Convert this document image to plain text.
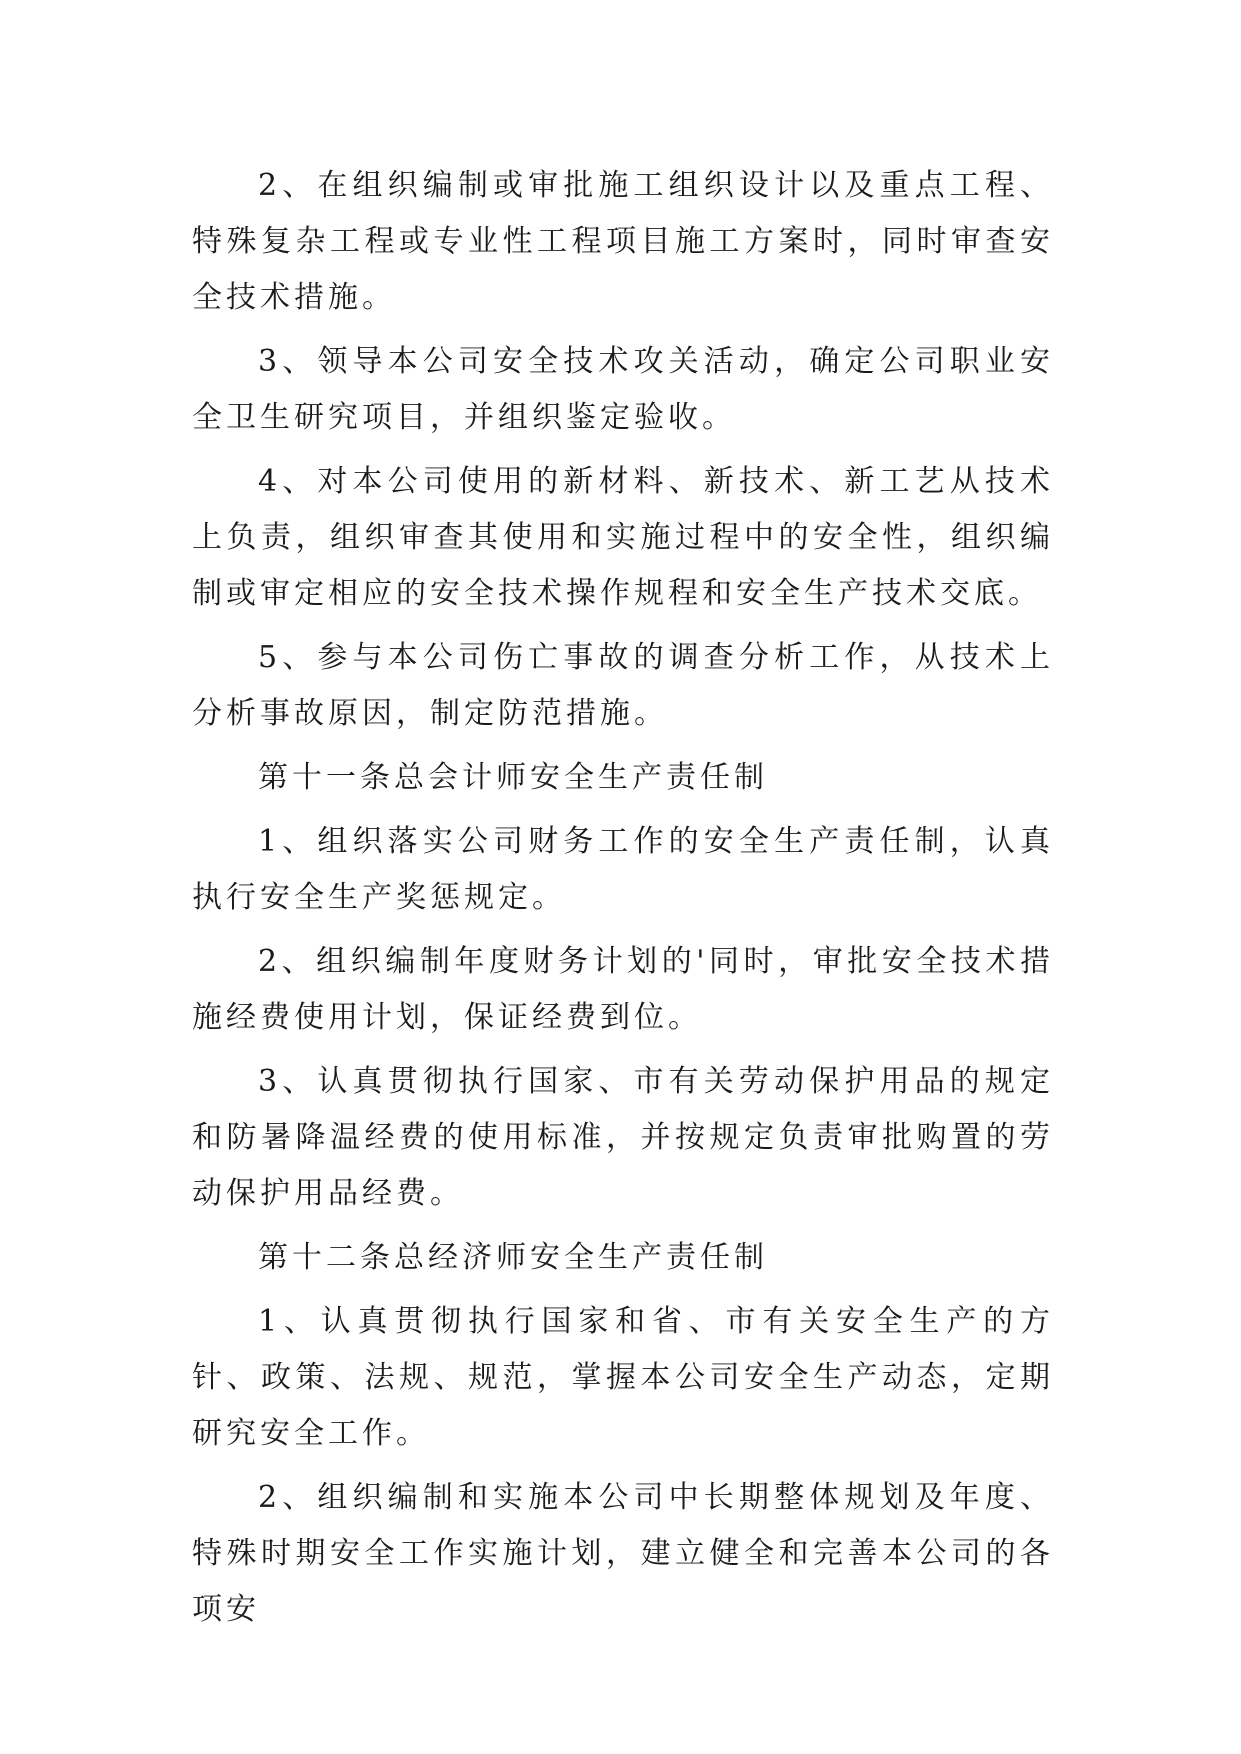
2、在组织编制或审批施工组织设计以及重点工程、特殊复杂工程或专业性工程项目施工方案时，同时审查安全技术措施。

3、领导本公司安全技术攻关活动，确定公司职业安全卫生研究项目，并组织鉴定验收。

4、对本公司使用的新材料、新技术、新工艺从技术上负责，组织审查其使用和实施过程中的安全性，组织编制或审定相应的安全技术操作规程和安全生产技术交底。

5、参与本公司伤亡事故的调查分析工作，从技术上分析事故原因，制定防范措施。

第十一条总会计师安全生产责任制

1、组织落实公司财务工作的安全生产责任制，认真执行安全生产奖惩规定。

2、组织编制年度财务计划的'同时，审批安全技术措施经费使用计划，保证经费到位。

3、认真贯彻执行国家、市有关劳动保护用品的规定和防暑降温经费的使用标准，并按规定负责审批购置的劳动保护用品经费。

第十二条总经济师安全生产责任制

1、认真贯彻执行国家和省、市有关安全生产的方针、政策、法规、规范，掌握本公司安全生产动态，定期研究安全工作。

2、组织编制和实施本公司中长期整体规划及年度、特殊时期安全工作实施计划，建立健全和完善本公司的各项安
